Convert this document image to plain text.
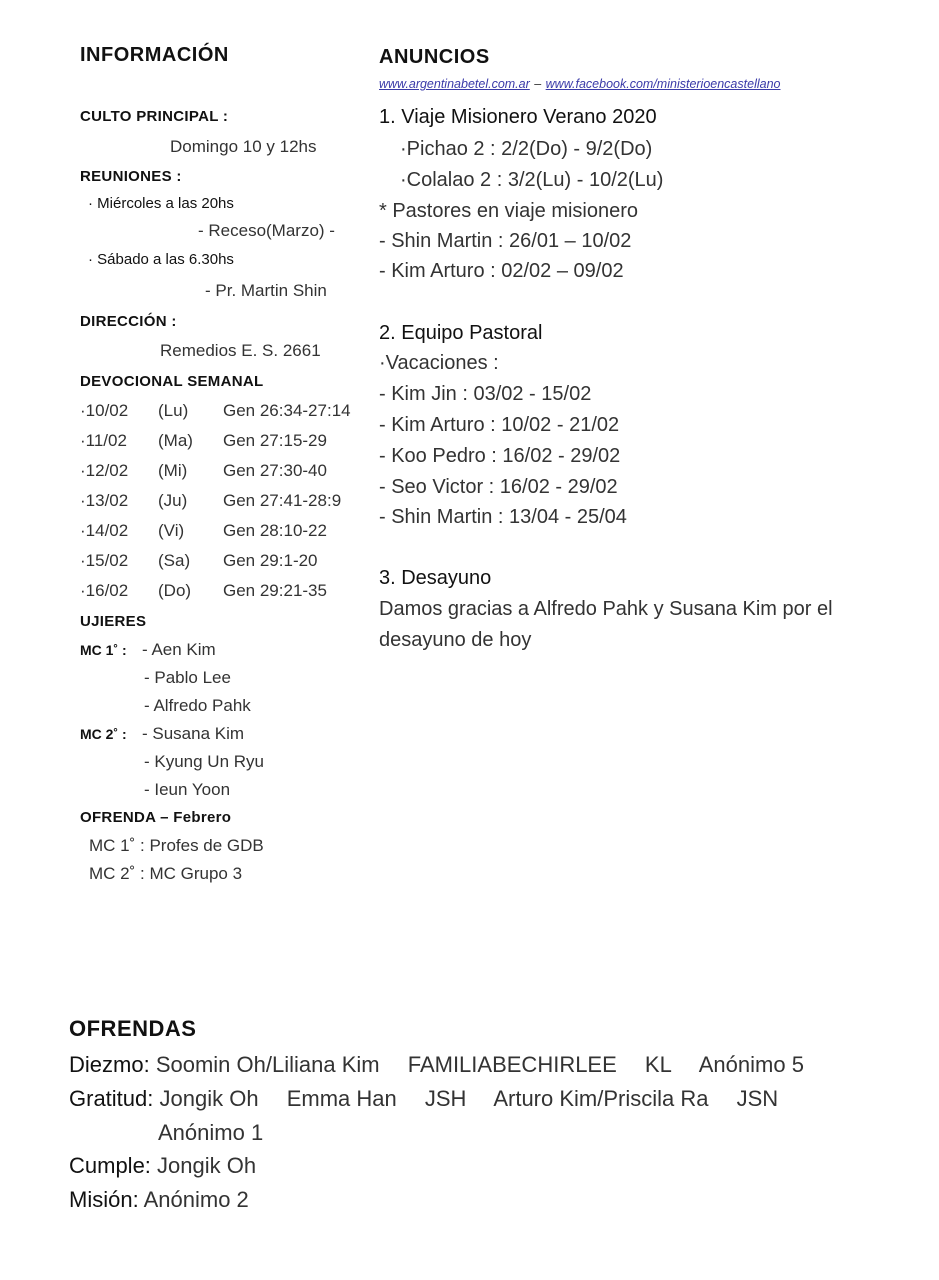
INFORMACIÓN
CULTO PRINCIPAL :
Domingo 10 y 12hs
REUNIONES :
· Miércoles a las 20hs
- Receso(Marzo) -
· Sábado a las 6.30hs
- Pr. Martin Shin
DIRECCIÓN :
Remedios E. S. 2661
DEVOCIONAL SEMANAL
·10/02 (Lu) Gen 26:34-27:14
·11/02 (Ma) Gen 27:15-29
·12/02 (Mi) Gen 27:30-40
·13/02 (Ju) Gen 27:41-28:9
·14/02 (Vi) Gen 28:10-22
·15/02 (Sa) Gen 29:1-20
·16/02 (Do) Gen 29:21-35
UJIERES
MC 1˚ : - Aen Kim
- Pablo Lee
- Alfredo Pahk
MC 2˚ : - Susana Kim
- Kyung Un Ryu
- Ieun Yoon
OFRENDA – Febrero
MC 1˚ : Profes de GDB
MC 2˚ : MC Grupo 3
ANUNCIOS
www.argentinabetel.com.ar – www.facebook.com/ministerioencastellano
1. Viaje Misionero Verano 2020
·Pichao 2 : 2/2(Do) - 9/2(Do)
·Colalao 2 : 3/2(Lu) - 10/2(Lu)
* Pastores en viaje misionero
- Shin Martin : 26/01 – 10/02
- Kim Arturo : 02/02 – 09/02
2. Equipo Pastoral
·Vacaciones :
- Kim Jin : 03/02 - 15/02
- Kim Arturo : 10/02 - 21/02
- Koo Pedro : 16/02 - 29/02
- Seo Victor : 16/02 - 29/02
- Shin Martin : 13/04 - 25/04
3. Desayuno
Damos gracias a Alfredo Pahk y Susana Kim por el
desayuno de hoy
OFRENDAS
Diezmo: Soomin Oh/Liliana Kim FAMILIABECHIRLEE KL Anónimo 5
Gratitud: Jongik Oh Emma Han JSH Arturo Kim/Priscila Ra JSN
Anónimo 1
Cumple: Jongik Oh
Misión: Anónimo 2
